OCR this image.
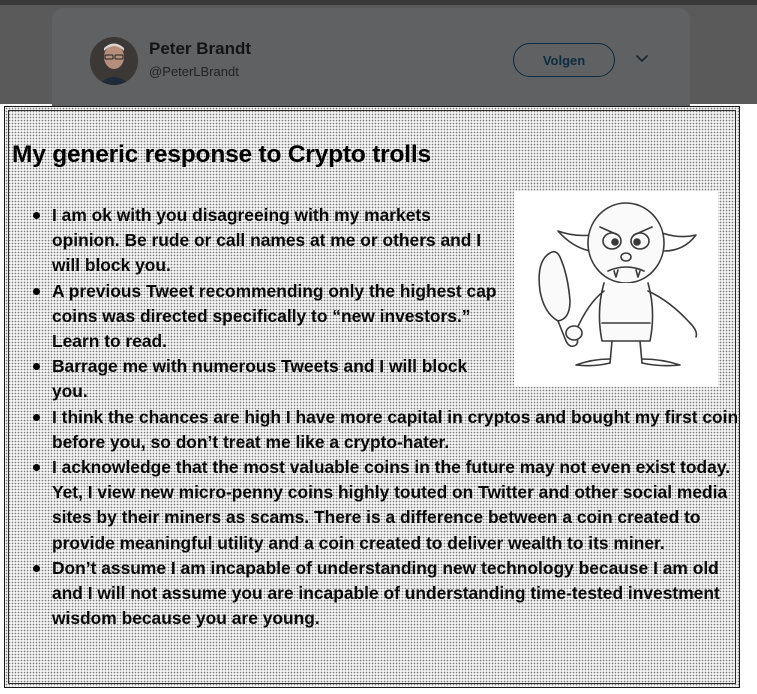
Peter Brandt
@PeterLBrandt
Volgen
My generic response to Crypto trolls
I am ok with you disagreeing with my markets opinion. Be rude or call names at me or others and I will block you.
A previous Tweet recommending only the highest cap coins was directed specifically to “new investors.” Learn to read.
Barrage me with numerous Tweets and I will block you.
I think the chances are high I have more capital in cryptos and bought my first coin before you, so don’t treat me like a crypto-hater.
I acknowledge that the most valuable coins in the future may not even exist today. Yet, I view new micro-penny coins highly touted on Twitter and other social media sites by their miners as scams. There is a difference between a coin created to provide meaningful utility and a coin created to deliver wealth to its miner.
Don’t assume I am incapable of understanding new technology because I am old and I will not assume you are incapable of understanding time-tested investment wisdom because you are young.
